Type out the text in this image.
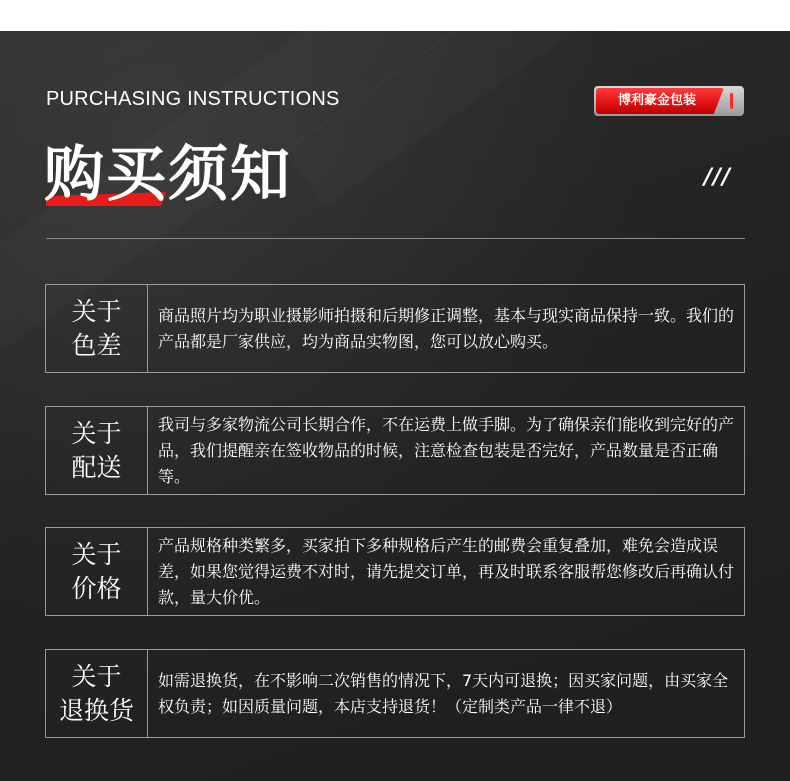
PURCHASING INSTRUCTIONS	博利豪金包装
购买须知	///
关于
色差
商品照片均为职业摄影师拍摄和后期修正调整，基本与现实商品保持一致。我们的产品都是厂家供应，均为商品实物图，您可以放心购买。
关于
配送
我司与多家物流公司长期合作，不在运费上做手脚。为了确保亲们能收到完好的产品，我们提醒亲在签收物品的时候，注意检查包装是否完好，产品数量是否正确等。
关于
价格
产品规格种类繁多，买家拍下多种规格后产生的邮费会重复叠加，难免会造成误差，如果您觉得运费不对时，请先提交订单，再及时联系客服帮您修改后再确认付款，量大价优。
关于
退换货
如需退换货，在不影响二次销售的情况下，7天内可退换；因买家问题，由买家全权负责；如因质量问题，本店支持退货！（定制类产品一律不退）
